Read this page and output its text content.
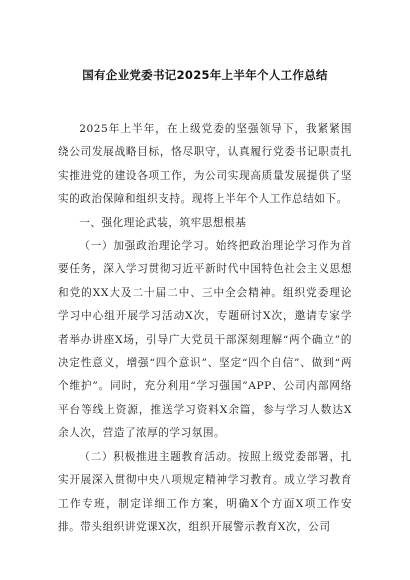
国有企业党委书记2025年上半年个人工作总结

2025年上半年，在上级党委的坚强领导下，我紧紧围绕公司发展战略目标，恪尽职守，认真履行党委书记职责扎实推进党的建设各项工作，为公司实现高质量发展提供了坚实的政治保障和组织支持。现将上半年个人工作总结如下。

一、强化理论武装，筑牢思想根基

（一）加强政治理论学习。始终把政治理论学习作为首要任务，深入学习贯彻习近平新时代中国特色社会主义思想和党的XX大及二十届二中、三中全会精神。组织党委理论学习中心组开展学习活动X次，专题研讨X次，邀请专家学者举办讲座X场，引导广大党员干部深刻理解“两个确立”的决定性意义，增强“四个意识”、坚定“四个自信”、做到“两个维护”。同时，充分利用“学习强国”APP、公司内部网络平台等线上资源，推送学习资料X余篇，参与学习人数达X余人次，营造了浓厚的学习氛围。

（二）积极推进主题教育活动。按照上级党委部署，扎实开展深入贯彻中央八项规定精神学习教育。成立学习教育工作专班，制定详细工作方案，明确X个方面X项工作安排。带头组织讲党课X次，组织开展警示教育X次，公司
